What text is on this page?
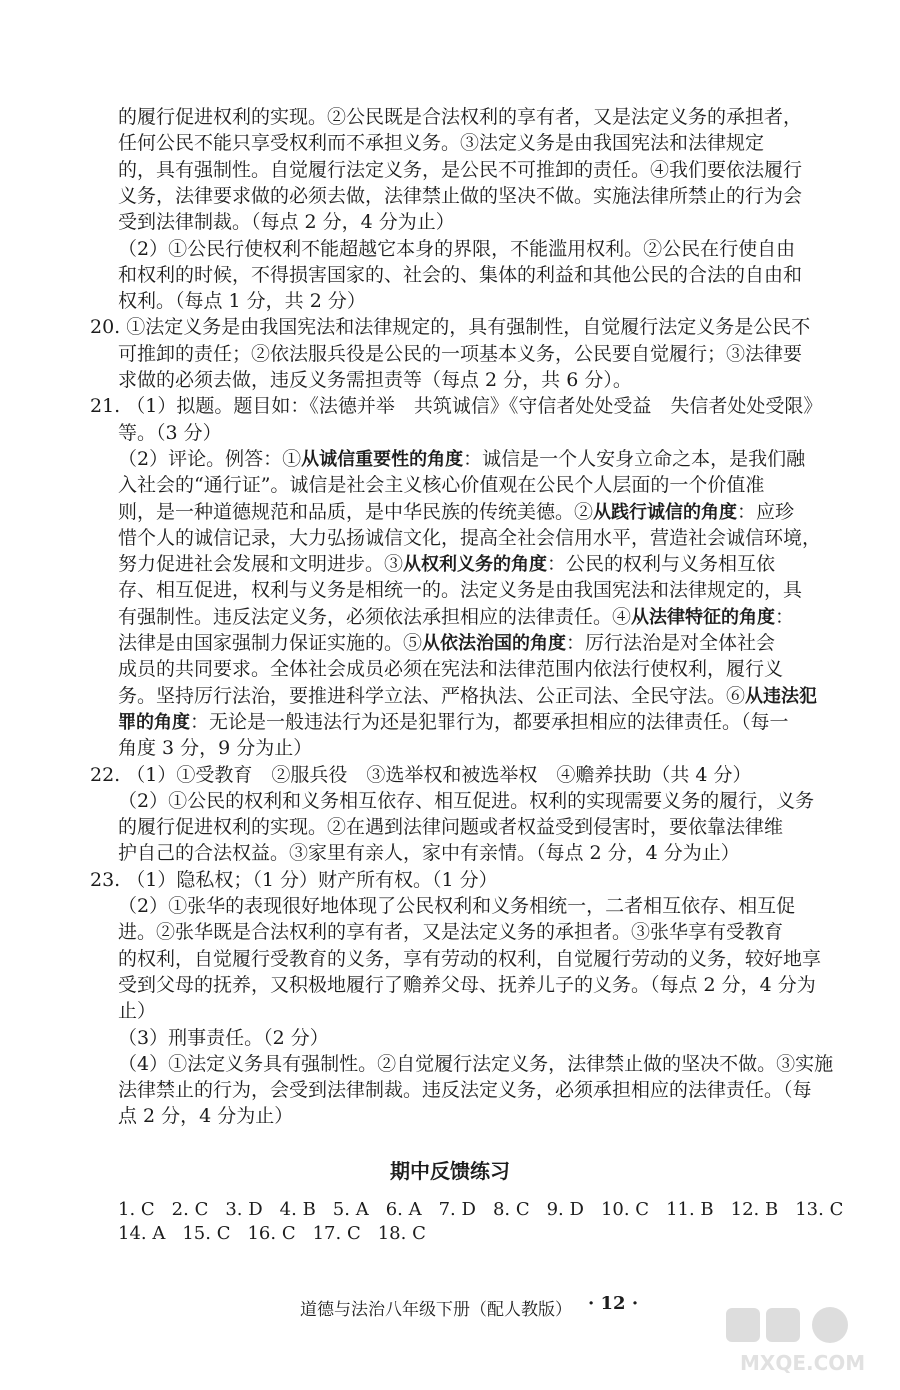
的履行促进权利的实现。②公民既是合法权利的享有者，又是法定义务的承担者，
任何公民不能只享受权利而不承担义务。③法定义务是由我国宪法和法律规定
的，具有强制性。自觉履行法定义务，是公民不可推卸的责任。④我们要依法履行
义务，法律要求做的必须去做，法律禁止做的坚决不做。实施法律所禁止的行为会
受到法律制裁。（每点 2 分，4 分为止）
（2）①公民行使权利不能超越它本身的界限，不能滥用权利。②公民在行使自由
和权利的时候，不得损害国家的、社会的、集体的利益和其他公民的合法的自由和
权利。（每点 1 分，共 2 分）
20. ①法定义务是由我国宪法和法律规定的，具有强制性，自觉履行法定义务是公民不
可推卸的责任；②依法服兵役是公民的一项基本义务，公民要自觉履行；③法律要
求做的必须去做，违反义务需担责等（每点 2 分，共 6 分）。
21. （1）拟题。题目如：《法德并举　共筑诚信》《守信者处处受益　失信者处处受限》
等。（3 分）
（2）评论。例答：①从诚信重要性的角度：诚信是一个人安身立命之本，是我们融
入社会的“通行证”。诚信是社会主义核心价值观在公民个人层面的一个价值准
则，是一种道德规范和品质，是中华民族的传统美德。②从践行诚信的角度：应珍
惜个人的诚信记录，大力弘扬诚信文化，提高全社会信用水平，营造社会诚信环境，
努力促进社会发展和文明进步。③从权利义务的角度：公民的权利与义务相互依
存、相互促进，权利与义务是相统一的。法定义务是由我国宪法和法律规定的，具
有强制性。违反法定义务，必须依法承担相应的法律责任。④从法律特征的角度：
法律是由国家强制力保证实施的。⑤从依法治国的角度：厉行法治是对全体社会
成员的共同要求。全体社会成员必须在宪法和法律范围内依法行使权利，履行义
务。坚持厉行法治，要推进科学立法、严格执法、公正司法、全民守法。⑥从违法犯
罪的角度：无论是一般违法行为还是犯罪行为，都要承担相应的法律责任。（每一
角度 3 分，9 分为止）
22. （1）①受教育　②服兵役　③选举权和被选举权　④赡养扶助（共 4 分）
（2）①公民的权利和义务相互依存、相互促进。权利的实现需要义务的履行，义务
的履行促进权利的实现。②在遇到法律问题或者权益受到侵害时，要依靠法律维
护自己的合法权益。③家里有亲人，家中有亲情。（每点 2 分，4 分为止）
23. （1）隐私权；（1 分）财产所有权。（1 分）
（2）①张华的表现很好地体现了公民权利和义务相统一，二者相互依存、相互促
进。②张华既是合法权利的享有者，又是法定义务的承担者。③张华享有受教育
的权利，自觉履行受教育的义务，享有劳动的权利，自觉履行劳动的义务，较好地享
受到父母的抚养，又积极地履行了赡养父母、抚养儿子的义务。（每点 2 分，4 分为
止）
（3）刑事责任。（2 分）
（4）①法定义务具有强制性。②自觉履行法定义务，法律禁止做的坚决不做。③实施
法律禁止的行为，会受到法律制裁。违反法定义务，必须承担相应的法律责任。（每
点 2 分，4 分为止）
期中反馈练习
1. C 2. C 3. D 4. B 5. A 6. A 7. D 8. C 9. D 10. C 11. B 12. B 13. C
14. A 15. C 16. C 17. C 18. C
道德与法治八年级下册（配人教版） · 12 ·
MXQE.COM
